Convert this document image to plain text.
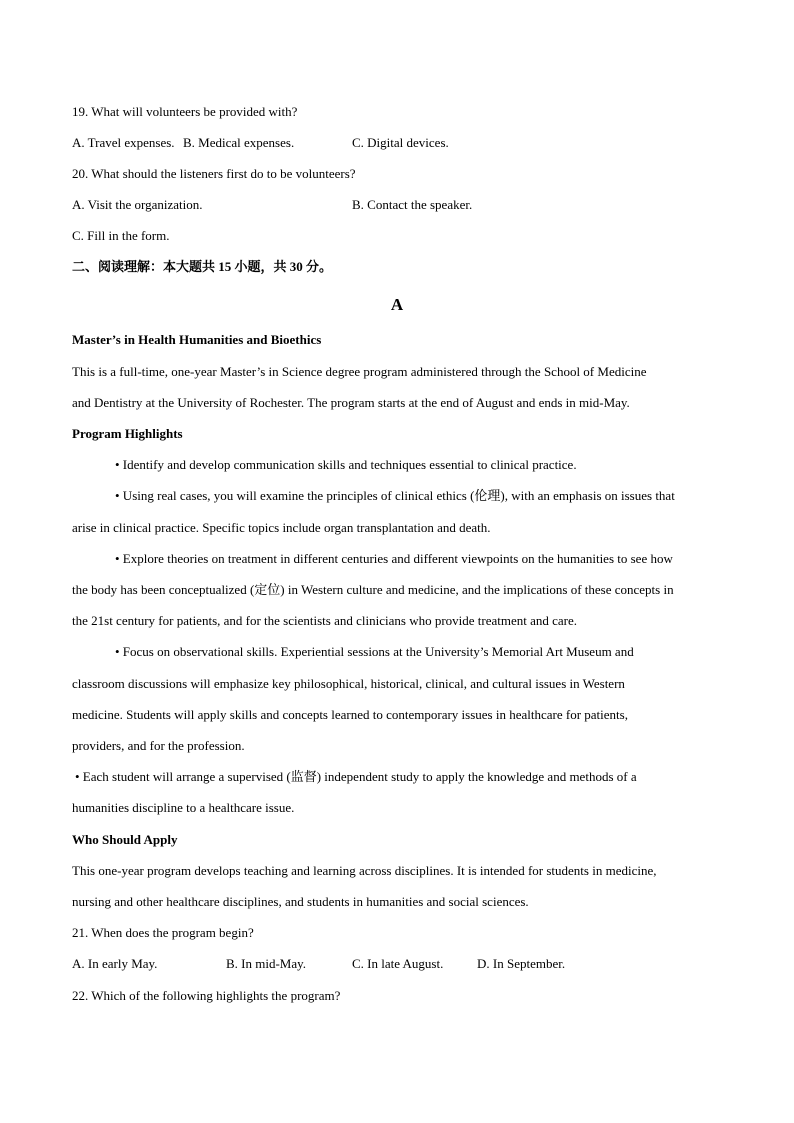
19. What will volunteers be provided with?
A. Travel expenses. B. Medical expenses.	C. Digital devices.
20. What should the listeners first do to be volunteers?
A. Visit the organization.	B. Contact the speaker.
C. Fill in the form.
二、阅读理解：本大题共 15 小题，共 30 分。
A
Master’s in Health Humanities and Bioethics
This is a full-time, one-year Master’s in Science degree program administered through the School of Medicine
and Dentistry at the University of Rochester. The program starts at the end of August and ends in mid-May.
Program Highlights
• Identify and develop communication skills and techniques essential to clinical practice.
• Using real cases, you will examine the principles of clinical ethics (伦理), with an emphasis on issues that
arise in clinical practice. Specific topics include organ transplantation and death.
• Explore theories on treatment in different centuries and different viewpoints on the humanities to see how
the body has been conceptualized (定位) in Western culture and medicine, and the implications of these concepts in
the 21st century for patients, and for the scientists and clinicians who provide treatment and care.
• Focus on observational skills. Experiential sessions at the University’s Memorial Art Museum and
classroom discussions will emphasize key philosophical, historical, clinical, and cultural issues in Western
medicine. Students will apply skills and concepts learned to contemporary issues in healthcare for patients,
providers, and for the profession.
• Each student will arrange a supervised (监督) independent study to apply the knowledge and methods of a
humanities discipline to a healthcare issue.
Who Should Apply
This one-year program develops teaching and learning across disciplines. It is intended for students in medicine,
nursing and other healthcare disciplines, and students in humanities and social sciences.
21. When does the program begin?
A. In early May.	B. In mid-May.	C. In late August.	D. In September.
22. Which of the following highlights the program?
